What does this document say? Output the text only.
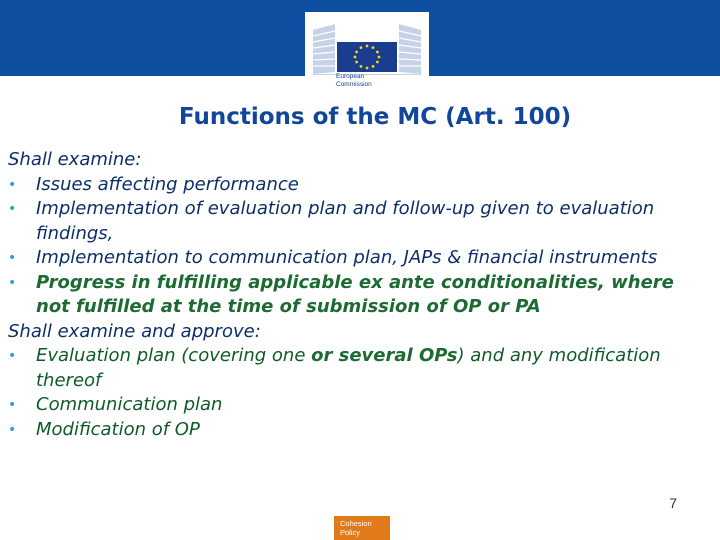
European
Commission
Functions of the MC (Art. 100)
Shall examine:
•	Issues affecting performance
•	Implementation of evaluation plan and follow-up given to evaluation findings,
•	Implementation to communication plan, JAPs & financial instruments
•	Progress in fulfilling applicable ex ante conditionalities, where not fulfilled at the time of submission of OP or PA
Shall examine and approve:
•	Evaluation plan (covering one or several OPs) and any modification thereof
•	Communication plan
•	Modification of OP
7
Cohesion
Policy
